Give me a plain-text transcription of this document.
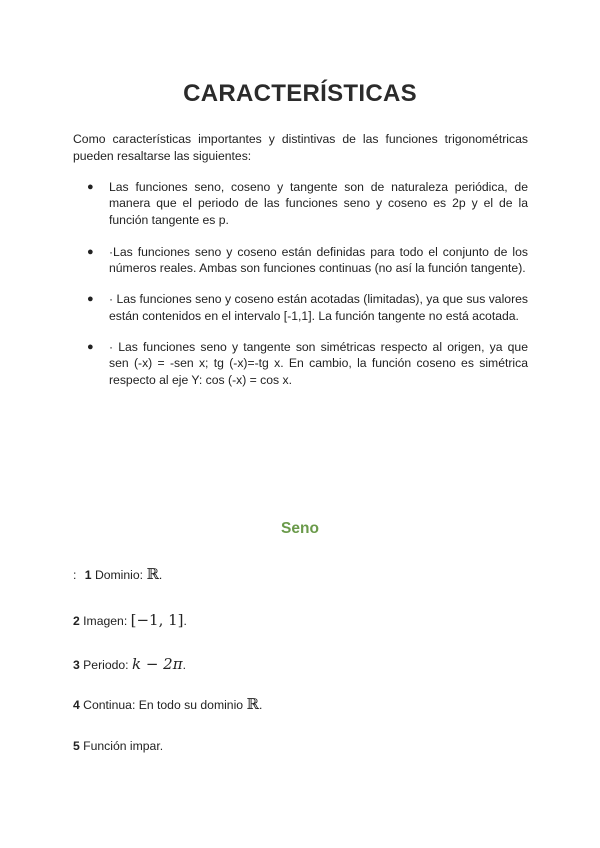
CARACTERÍSTICAS

Como características importantes y distintivas de las funciones trigonométricas pueden resaltarse las siguientes:

● Las funciones seno, coseno y tangente son de naturaleza periódica, de manera que el periodo de las funciones seno y coseno es 2p y el de la función tangente es p.
● ·Las funciones seno y coseno están definidas para todo el conjunto de los números reales. Ambas son funciones continuas (no así la función tangente).
● · Las funciones seno y coseno están acotadas (limitadas), ya que sus valores están contenidos en el intervalo [-1,1]. La función tangente no está acotada.
● · Las funciones seno y tangente son simétricas respecto al origen, ya que sen (-x) = -sen x; tg (-x)=-tg x. En cambio, la función coseno es simétrica respecto al eje Y: cos (-x) = cos x.
Seno
: 1 Dominio: ℝ.
2 Imagen: [−1, 1].
3 Periodo: k − 2π.
4 Continua: En todo su dominio ℝ.
5 Función impar.
